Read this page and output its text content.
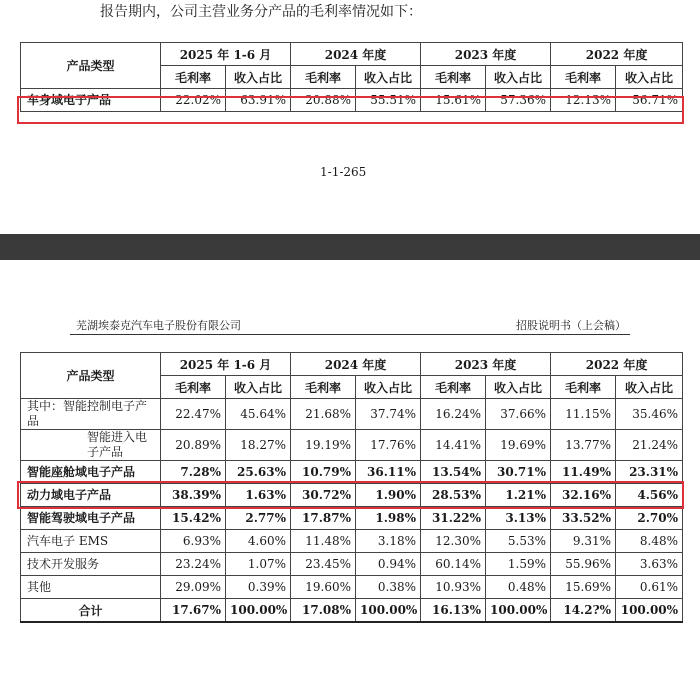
报告期内，公司主营业务分产品的毛利率情况如下：
产品类型	2025 年 1-6 月		2024 年度		2023 年度		2022 年度	
	毛利率	收入占比	毛利率	收入占比	毛利率	收入占比	毛利率	收入占比
车身域电子产品	22.02%	63.91%	20.88%	55.51%	15.61%	57.36%	12.13%	56.71%
1-1-265
芜湖埃泰克汽车电子股份有限公司	招股说明书（上会稿）
产品类型	2025 年 1-6 月		2024 年度		2023 年度		2022 年度	
	毛利率	收入占比	毛利率	收入占比	毛利率	收入占比	毛利率	收入占比
其中：智能控制电子产品	22.47%	45.64%	21.68%	37.74%	16.24%	37.66%	11.15%	35.46%
智能进入电子产品	20.89%	18.27%	19.19%	17.76%	14.41%	19.69%	13.77%	21.24%
智能座舱域电子产品	7.28%	25.63%	10.79%	36.11%	13.54%	30.71%	11.49%	23.31%
动力域电子产品	38.39%	1.63%	30.72%	1.90%	28.53%	1.21%	32.16%	4.56%
智能驾驶域电子产品	15.42%	2.77%	17.87%	1.98%	31.22%	3.13%	33.52%	2.70%
汽车电子 EMS	6.93%	4.60%	11.48%	3.18%	12.30%	5.53%	9.31%	8.48%
技术开发服务	23.24%	1.07%	23.45%	0.94%	60.14%	1.59%	55.96%	3.63%
其他	29.09%	0.39%	19.60%	0.38%	10.93%	0.48%	15.69%	0.61%
合计	17.67%	100.00%	17.08%	100.00%	16.13%	100.00%	14.2?%	100.00%
